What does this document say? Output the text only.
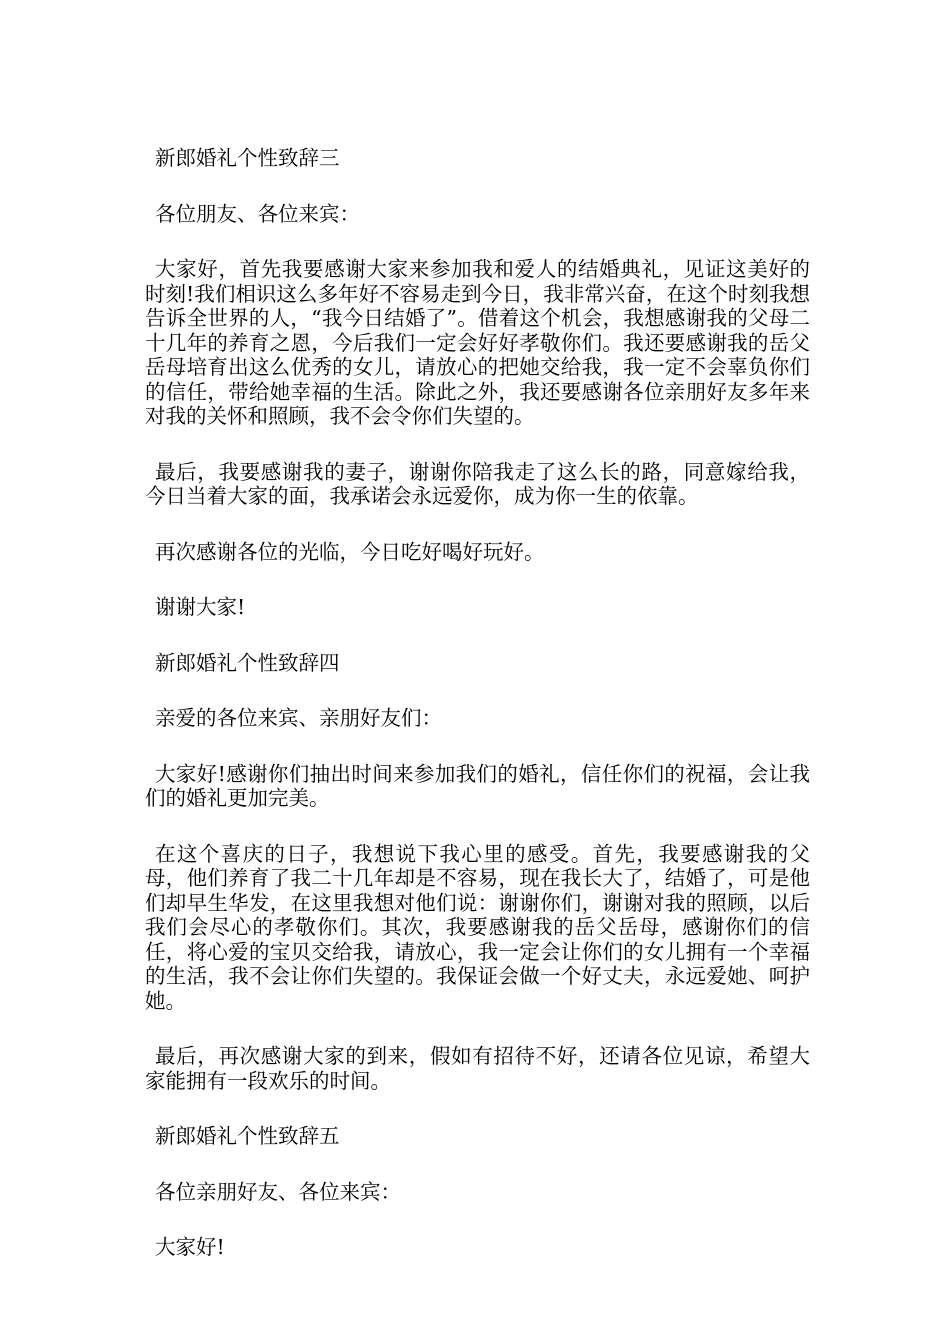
新郎婚礼个性致辞三

各位朋友、各位来宾：

大家好，首先我要感谢大家来参加我和爱人的结婚典礼，见证这美好的时刻!我们相识这么多年好不容易走到今日，我非常兴奋，在这个时刻我想告诉全世界的人，“我今日结婚了”。借着这个机会，我想感谢我的父母二十几年的养育之恩，今后我们一定会好好孝敬你们。我还要感谢我的岳父岳母培育出这么优秀的女儿，请放心的把她交给我，我一定不会辜负你们的信任，带给她幸福的生活。除此之外，我还要感谢各位亲朋好友多年来对我的关怀和照顾，我不会令你们失望的。

最后，我要感谢我的妻子，谢谢你陪我走了这么长的路，同意嫁给我，今日当着大家的面，我承诺会永远爱你，成为你一生的依靠。

再次感谢各位的光临，今日吃好喝好玩好。

谢谢大家!

新郎婚礼个性致辞四

亲爱的各位来宾、亲朋好友们：

大家好!感谢你们抽出时间来参加我们的婚礼，信任你们的祝福，会让我们的婚礼更加完美。

在这个喜庆的日子，我想说下我心里的感受。首先，我要感谢我的父母，他们养育了我二十几年却是不容易，现在我长大了，结婚了，可是他们却早生华发，在这里我想对他们说：谢谢你们，谢谢对我的照顾，以后我们会尽心的孝敬你们。其次，我要感谢我的岳父岳母，感谢你们的信任，将心爱的宝贝交给我，请放心，我一定会让你们的女儿拥有一个幸福的生活，我不会让你们失望的。我保证会做一个好丈夫，永远爱她、呵护她。

最后，再次感谢大家的到来，假如有招待不好，还请各位见谅，希望大家能拥有一段欢乐的时间。

新郎婚礼个性致辞五

各位亲朋好友、各位来宾：

大家好!
